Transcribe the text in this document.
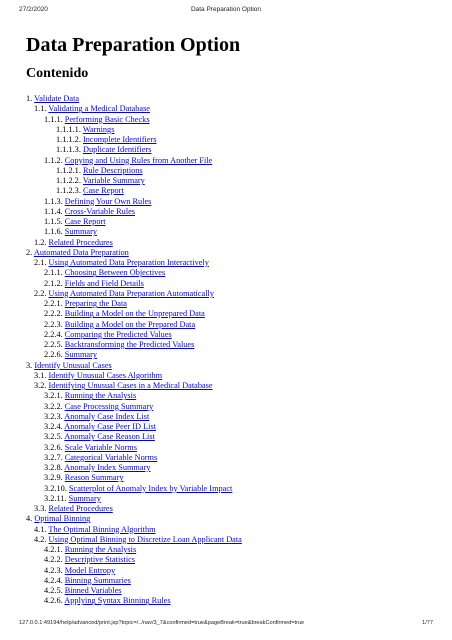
27/2/2020	Data Preparation Option
Data Preparation Option
Contenido
1. Validate Data
1.1. Validating a Medical Database
1.1.1. Performing Basic Checks
1.1.1.1. Warnings
1.1.1.2. Incomplete Identifiers
1.1.1.3. Duplicate Identifiers
1.1.2. Copying and Using Rules from Another File
1.1.2.1. Rule Descriptions
1.1.2.2. Variable Summary
1.1.2.3. Case Report
1.1.3. Defining Your Own Rules
1.1.4. Cross-Variable Rules
1.1.5. Case Report
1.1.6. Summary
1.2. Related Procedures
2. Automated Data Preparation
2.1. Using Automated Data Preparation Interactively
2.1.1. Choosing Between Objectives
2.1.2. Fields and Field Details
2.2. Using Automated Data Preparation Automatically
2.2.1. Preparing the Data
2.2.2. Building a Model on the Unprepared Data
2.2.3. Building a Model on the Prepared Data
2.2.4. Comparing the Predicted Values
2.2.5. Backtransforming the Predicted Values
2.2.6. Summary
3. Identify Unusual Cases
3.1. Identify Unusual Cases Algorithm
3.2. Identifying Unusual Cases in a Medical Database
3.2.1. Running the Analysis
3.2.2. Case Processing Summary
3.2.3. Anomaly Case Index List
3.2.4. Anomaly Case Peer ID List
3.2.5. Anomaly Case Reason List
3.2.6. Scale Variable Norms
3.2.7. Categorical Variable Norms
3.2.8. Anomaly Index Summary
3.2.9. Reason Summary
3.2.10. Scatterplot of Anomaly Index by Variable Impact
3.2.11. Summary
3.3. Related Procedures
4. Optimal Binning
4.1. The Optimal Binning Algorithm
4.2. Using Optimal Binning to Discretize Loan Applicant Data
4.2.1. Running the Analysis
4.2.2. Descriptive Statistics
4.2.3. Model Entropy
4.2.4. Binning Summaries
4.2.5. Binned Variables
4.2.6. Applying Syntax Binning Rules
127.0.0.1:49194/help/advanced/print.jsp?topic=/../nav/3_7&confirmed=true&pageBreak=true&breakConfirmed=true	1/77
